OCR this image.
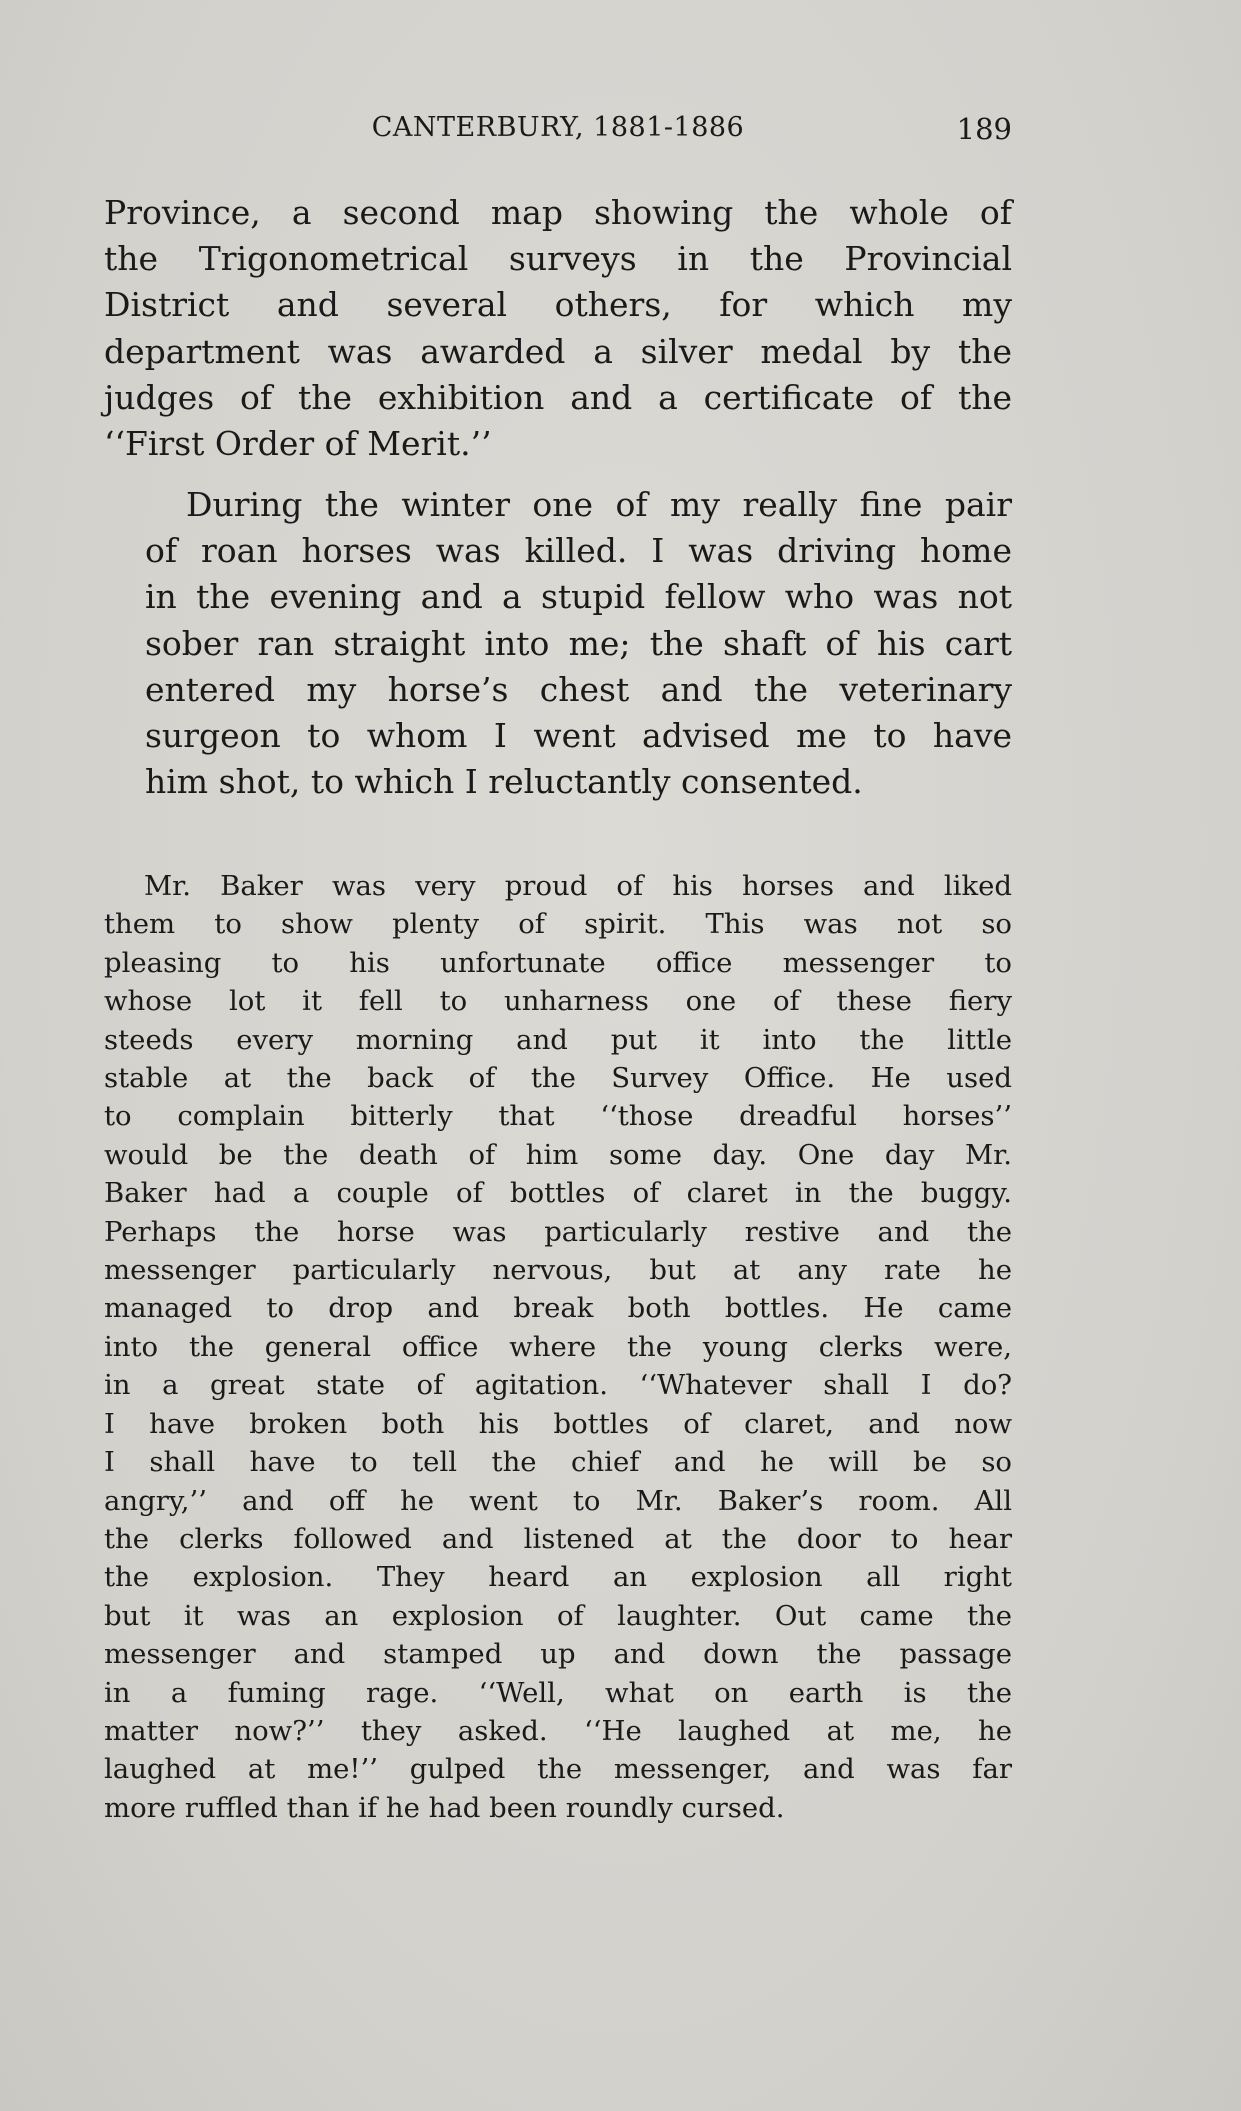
CANTERBURY, 1881-1886	189

Province, a second map showing the whole of
the Trigonometrical surveys in the Provincial
District and several others, for which my
department was awarded a silver medal by the
judges of the exhibition and a certificate of the
‘‘First Order of Merit.’’

During the winter one of my really fine pair
of roan horses was killed. I was driving home
in the evening and a stupid fellow who was not
sober ran straight into me; the shaft of his cart
entered my horse’s chest and the veterinary
surgeon to whom I went advised me to have
him shot, to which I reluctantly consented.

Mr. Baker was very proud of his horses and liked
them to show plenty of spirit. This was not so
pleasing to his unfortunate office messenger to
whose lot it fell to unharness one of these fiery
steeds every morning and put it into the little
stable at the back of the Survey Office. He used
to complain bitterly that ‘‘those dreadful horses’’
would be the death of him some day. One day Mr.
Baker had a couple of bottles of claret in the buggy.
Perhaps the horse was particularly restive and the
messenger particularly nervous, but at any rate he
managed to drop and break both bottles. He came
into the general office where the young clerks were,
in a great state of agitation. ‘‘Whatever shall I do?
I have broken both his bottles of claret, and now
I shall have to tell the chief and he will be so
angry,’’ and off he went to Mr. Baker’s room. All
the clerks followed and listened at the door to hear
the explosion. They heard an explosion all right
but it was an explosion of laughter. Out came the
messenger and stamped up and down the passage
in a fuming rage. ‘‘Well, what on earth is the
matter now?’’ they asked. ‘‘He laughed at me, he
laughed at me!’’ gulped the messenger, and was far
more ruffled than if he had been roundly cursed.
